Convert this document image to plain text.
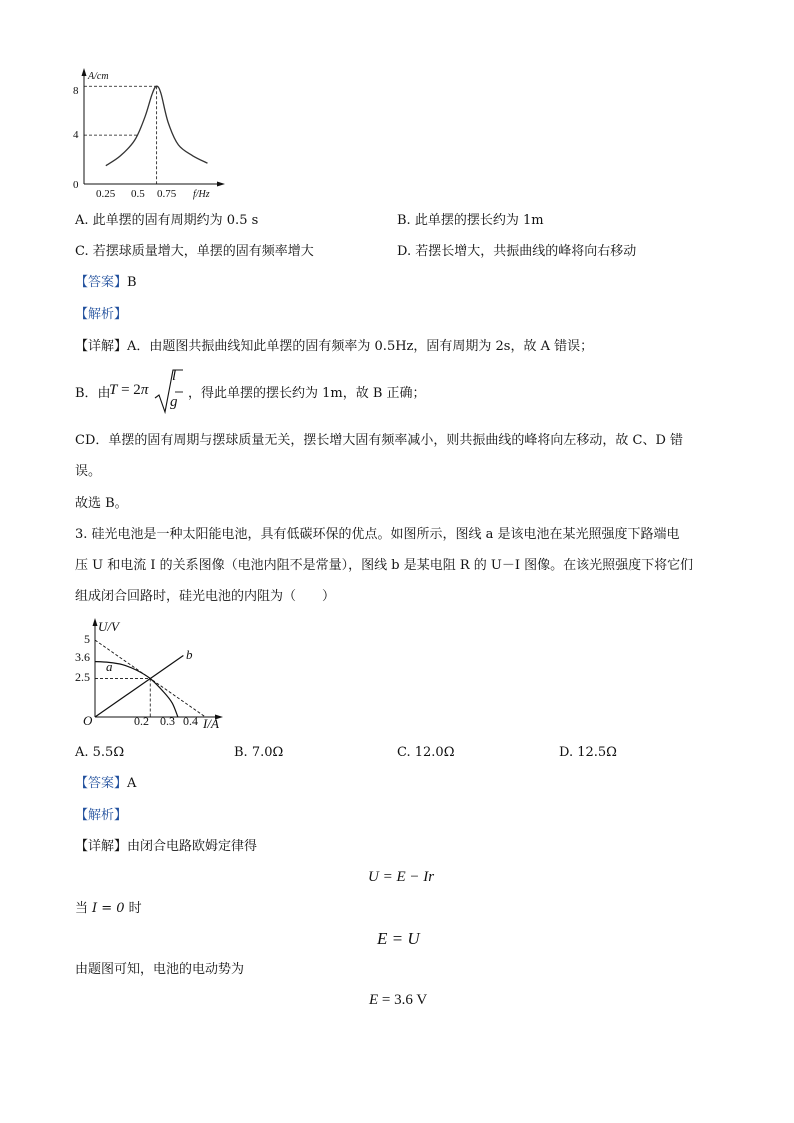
A/cm
8
4
0
0.25 0.5 0.75 f/Hz
A. 此单摆的固有周期约为 0.5 s	B. 此单摆的摆长约为 1m
C. 若摆球质量增大，单摆的固有频率增大	D. 若摆长增大，共振曲线的峰将向右移动
【答案】B
【解析】
【详解】A．由题图共振曲线知此单摆的固有频率为 0.5Hz，固有周期为 2s，故 A 错误；
B．由
T = 2π
l
g
，得此单摆的摆长约为 1m，故 B 正确；
CD．单摆的固有周期与摆球质量无关，摆长增大固有频率减小，则共振曲线的峰将向左移动，故 C、D 错
误。
故选 B。
3. 硅光电池是一种太阳能电池，具有低碳环保的优点。如图所示，图线 a 是该电池在某光照强度下路端电
压 U 和电流 I 的关系图像（电池内阻不是常量），图线 b 是某电阻 R 的 U－I 图像。在该光照强度下将它们
组成闭合回路时，硅光电池的内阻为（　　）
U/V
5
3.6
2.5
O	0.2 0.3 0.4 I/A
a
b
A. 5.5Ω	B. 7.0Ω	C. 12.0Ω	D. 12.5Ω
【答案】A
【解析】
【详解】由闭合电路欧姆定律得
U = E − Ir
当 I = 0 时
E = U
由题图可知，电池的电动势为
E = 3.6 V
